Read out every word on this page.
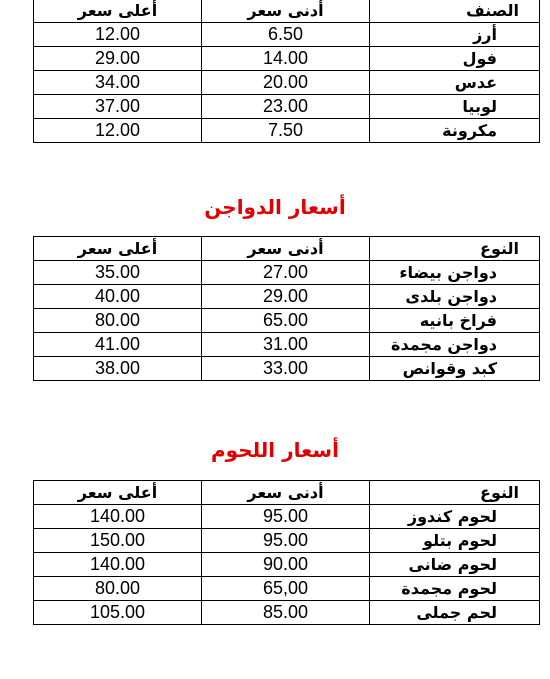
الصنف	أدنى سعر	أعلى سعر
أرز	6.50	12.00
فول	14.00	29.00
عدس	20.00	34.00
لوبيا	23.00	37.00
مكرونة	7.50	12.00
أسعار الدواجن
النوع	أدنى سعر	أعلى سعر
دواجن بيضاء	27.00	35.00
دواجن بلدى	29.00	40.00
فراخ بانيه	65.00	80.00
دواجن مجمدة	31.00	41.00
كبد وقوانص	33.00	38.00
أسعار اللحوم
النوع	أدنى سعر	أعلى سعر
لحوم كندوز	95.00	140.00
لحوم بتلو	95.00	150.00
لحوم ضانى	90.00	140.00
لحوم مجمدة	65,00	80.00
لحم جملى	85.00	105.00
